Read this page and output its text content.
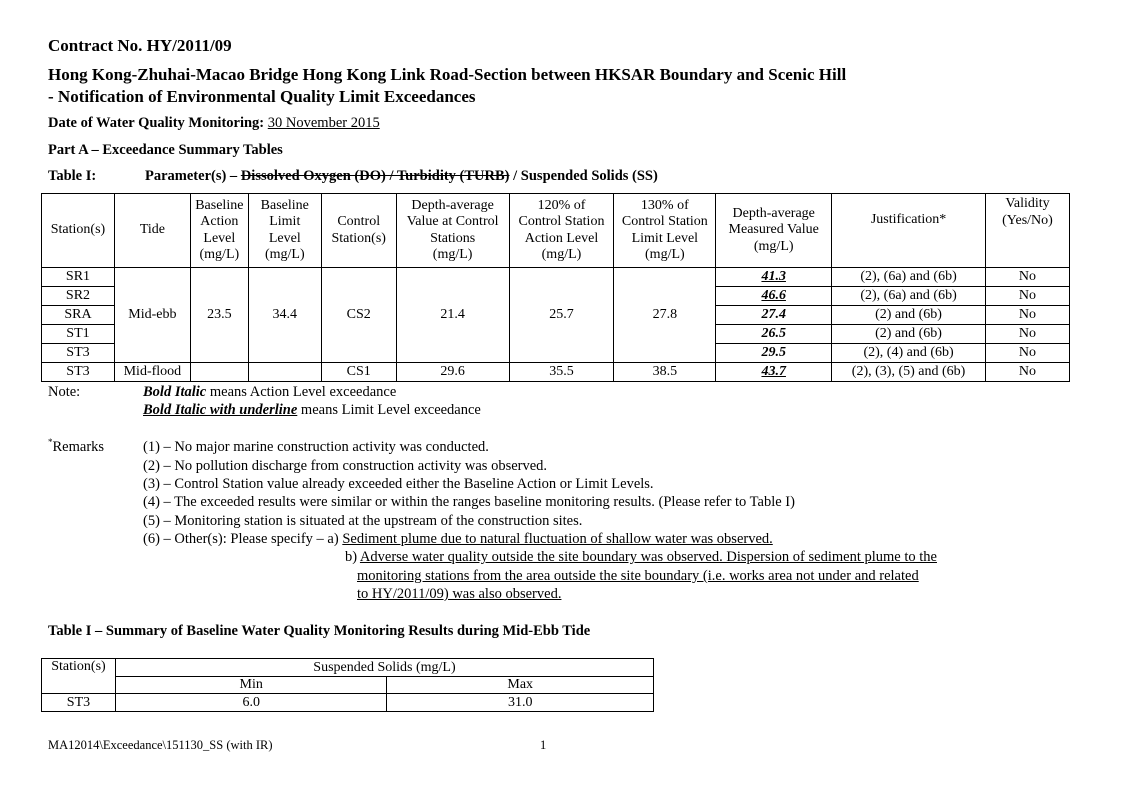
Contract No. HY/2011/09
Hong Kong-Zhuhai-Macao Bridge Hong Kong Link Road-Section between HKSAR Boundary and Scenic Hill
- Notification of Environmental Quality Limit Exceedances
Date of Water Quality Monitoring: 30 November 2015
Part A – Exceedance Summary Tables
Table I:	Parameter(s) – Dissolved Oxygen (DO) / Turbidity (TURB) / Suspended Solids (SS)
Station(s)	Tide	Baseline
Action
Level
(mg/L)	Baseline
Limit
Level
(mg/L)	Control
Station(s)	Depth-average
Value at Control
Stations
(mg/L)	120% of
Control Station
Action Level
(mg/L)	130% of
Control Station
Limit Level
(mg/L)	Depth-average
Measured Value
(mg/L)	Justification*	Validity
(Yes/No)
SR1	Mid-ebb	23.5	34.4	CS2	21.4	25.7	27.8	41.3	(2), (6a) and (6b)	No
SR2								46.6	(2), (6a) and (6b)	No
SRA								27.4	(2) and (6b)	No
ST1								26.5	(2) and (6b)	No
ST3								29.5	(2), (4) and (6b)	No
ST3	Mid-flood			CS1	29.6	35.5	38.5	43.7	(2), (3), (5) and (6b)	No
Note:	Bold Italic means Action Level exceedance
Bold Italic with underline means Limit Level exceedance
*Remarks	(1) – No major marine construction activity was conducted.
(2) – No pollution discharge from construction activity was observed.
(3) – Control Station value already exceeded either the Baseline Action or Limit Levels.
(4) – The exceeded results were similar or within the ranges baseline monitoring results. (Please refer to Table I)
(5) – Monitoring station is situated at the upstream of the construction sites.
(6) – Other(s): Please specify – a) Sediment plume due to natural fluctuation of shallow water was observed.
b) Adverse water quality outside the site boundary was observed. Dispersion of sediment plume to the
monitoring stations from the area outside the site boundary (i.e. works area not under and related
to HY/2011/09) was also observed.
Table I – Summary of Baseline Water Quality Monitoring Results during Mid-Ebb Tide
Station(s)	Suspended Solids (mg/L)	
	Min	Max
ST3	6.0	31.0
MA12014\Exceedance\151130_SS (with IR)	1
